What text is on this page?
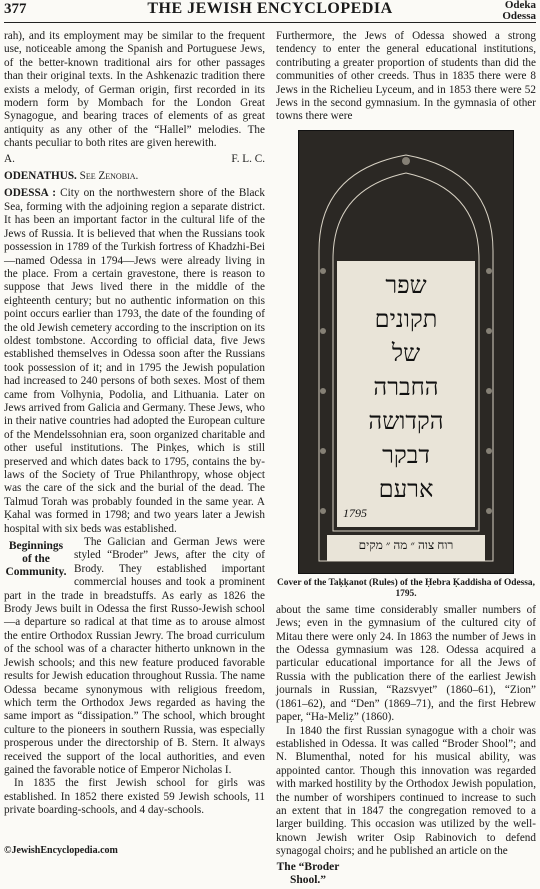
377	THE JEWISH ENCYCLOPEDIA	Odeka
Odessa

rah), and its employment may be similar to the frequent use, noticeable among the Spanish and Portuguese Jews, of the better-known traditional airs for other passages than their original texts. In the Ashkenazic tradition there exists a melody, of German origin, first recorded in its modern form by Mombach for the London Great Synagogue, and bearing traces of elements of as great antiquity as any other of the “Hallel” melodies. The chants peculiar to both rites are given herewith.

A.	F. L. C.

ODENATHUS. See Zenobia.

ODESSA : City on the northwestern shore of the Black Sea, forming with the adjoining region a separate district. It has been an important factor in the cultural life of the Jews of Russia. It is believed that when the Russians took possession in 1789 of the Turkish fortress of Khadzhi-Bei—named Odessa in 1794—Jews were already living in the place. From a certain gravestone, there is reason to suppose that Jews lived there in the middle of the eighteenth century; but no authentic information on this point occurs earlier than 1793, the date of the founding of the old Jewish cemetery according to the inscription on its oldest tombstone. According to official data, five Jews established themselves in Odessa soon after the Russians took possession of it; and in 1795 the Jewish population had increased to 240 persons of both sexes. Most of them came from Volhynia, Podolia, and Lithuania. Later on Jews arrived from Galicia and Germany. These Jews, who in their native countries had adopted the European culture of the Mendelssohnian era, soon organized charitable and other useful institutions. The Pinḳes, which is still preserved and which dates back to 1795, contains the by-laws of the Society of True Philanthropy, whose object was the care of the sick and the burial of the dead. The Talmud Torah was probably founded in the same year. A Ḳahal was formed in 1798; and two years later a Jewish hospital with six beds was established.

Beginnings of the Community.

The Galician and German Jews were styled “Broder” Jews, after the city of Brody. They established important commercial houses and took a prominent part in the trade in breadstuffs. As early as 1826 the Brody Jews built in Odessa the first Russo-Jewish school—a departure so radical at that time as to arouse almost the entire Orthodox Russian Jewry. The broad curriculum of the school was of a character hitherto unknown in the Jewish schools; and this new feature produced favorable results for Jewish education throughout Russia. The name Odessa became synonymous with religious freedom, which term the Orthodox Jews regarded as having the same import as “dissipation.” The school, which brought culture to the pioneers in southern Russia, was especially prosperous under the directorship of B. Stern. It always received the support of the local authorities, and even gained the favorable notice of Emperor Nicholas I.

In 1835 the first Jewish school for girls was established. In 1852 there existed 59 Jewish schools, 11 private boarding-schools, and 4 day-schools.

Furthermore, the Jews of Odessa showed a strong tendency to enter the general educational institutions, contributing a greater proportion of students than did the communities of other creeds. Thus in 1835 there were 8 Jews in the Richelieu Lyceum, and in 1853 there were 52 Jews in the second gymnasium. In the gymnasia of other towns there were

שפר
תקונים
של
החברה
הקדושה
דבקר
ארעם
1795
רוח צוה ״ מה ״ מקים
Cover of the Taḳḳanot (Rules) of the Ḥebra Ḳaddisha of Odessa, 1795.

about the same time considerably smaller numbers of Jews; even in the gymnasium of the cultured city of Mitau there were only 24. In 1863 the number of Jews in the Odessa gymnasium was 128. Odessa acquired a particular educational importance for all the Jews of Russia with the publication there of the earliest Jewish journals in Russian, “Razsvyet” (1860–61), “Zion” (1861–62), and “Den” (1869–71), and the first Hebrew paper, “Ha-Meliẓ” (1860).

In 1840 the first Russian synagogue with a choir was established in Odessa. It was called “Broder Shool”; and N. Blumenthal, noted for his musical ability, was appointed cantor. Though this innovation was regarded with marked hostility by the Orthodox Jewish population, the number of worshipers continued to increase to such an extent that in 1847 the congregation removed to a larger building. This occasion was utilized by the well-known Jewish writer Osip Rabinovich to defend synagogal choirs; and he published an article on the

The “Broder Shool.”
©JewishEncyclopedia.com
